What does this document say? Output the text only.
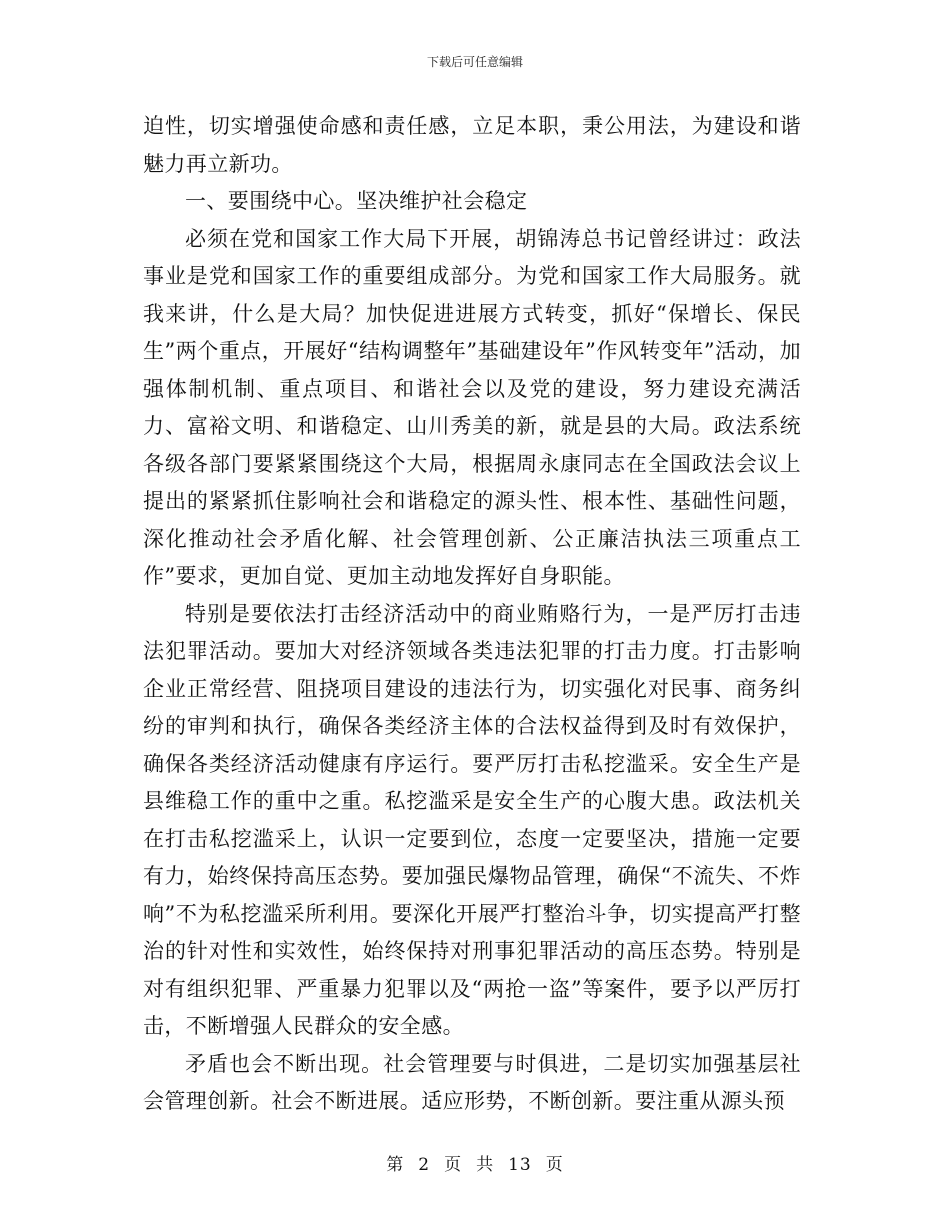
下载后可任意编辑

迫性，切实增强使命感和责任感，立足本职，秉公用法，为建设和谐魅力再立新功。

一、要围绕中心。坚决维护社会稳定

必须在党和国家工作大局下开展，胡锦涛总书记曾经讲过：政法事业是党和国家工作的重要组成部分。为党和国家工作大局服务。就我来讲，什么是大局？加快促进进展方式转变，抓好“保增长、保民生”两个重点，开展好“结构调整年”基础建设年”作风转变年”活动，加强体制机制、重点项目、和谐社会以及党的建设，努力建设充满活力、富裕文明、和谐稳定、山川秀美的新，就是县的大局。政法系统各级各部门要紧紧围绕这个大局，根据周永康同志在全国政法会议上提出的紧紧抓住影响社会和谐稳定的源头性、根本性、基础性问题，深化推动社会矛盾化解、社会管理创新、公正廉洁执法三项重点工作”要求，更加自觉、更加主动地发挥好自身职能。

特别是要依法打击经济活动中的商业贿赂行为，一是严厉打击违法犯罪活动。要加大对经济领域各类违法犯罪的打击力度。打击影响企业正常经营、阻挠项目建设的违法行为，切实强化对民事、商务纠纷的审判和执行，确保各类经济主体的合法权益得到及时有效保护，确保各类经济活动健康有序运行。要严厉打击私挖滥采。安全生产是县维稳工作的重中之重。私挖滥采是安全生产的心腹大患。政法机关在打击私挖滥采上，认识一定要到位，态度一定要坚决，措施一定要有力，始终保持高压态势。要加强民爆物品管理，确保“不流失、不炸响”不为私挖滥采所利用。要深化开展严打整治斗争，切实提高严打整治的针对性和实效性，始终保持对刑事犯罪活动的高压态势。特别是对有组织犯罪、严重暴力犯罪以及“两抢一盗”等案件，要予以严厉打击，不断增强人民群众的安全感。

矛盾也会不断出现。社会管理要与时俱进，二是切实加强基层社会管理创新。社会不断进展。适应形势，不断创新。要注重从源头预

第 2 页 共 13 页
